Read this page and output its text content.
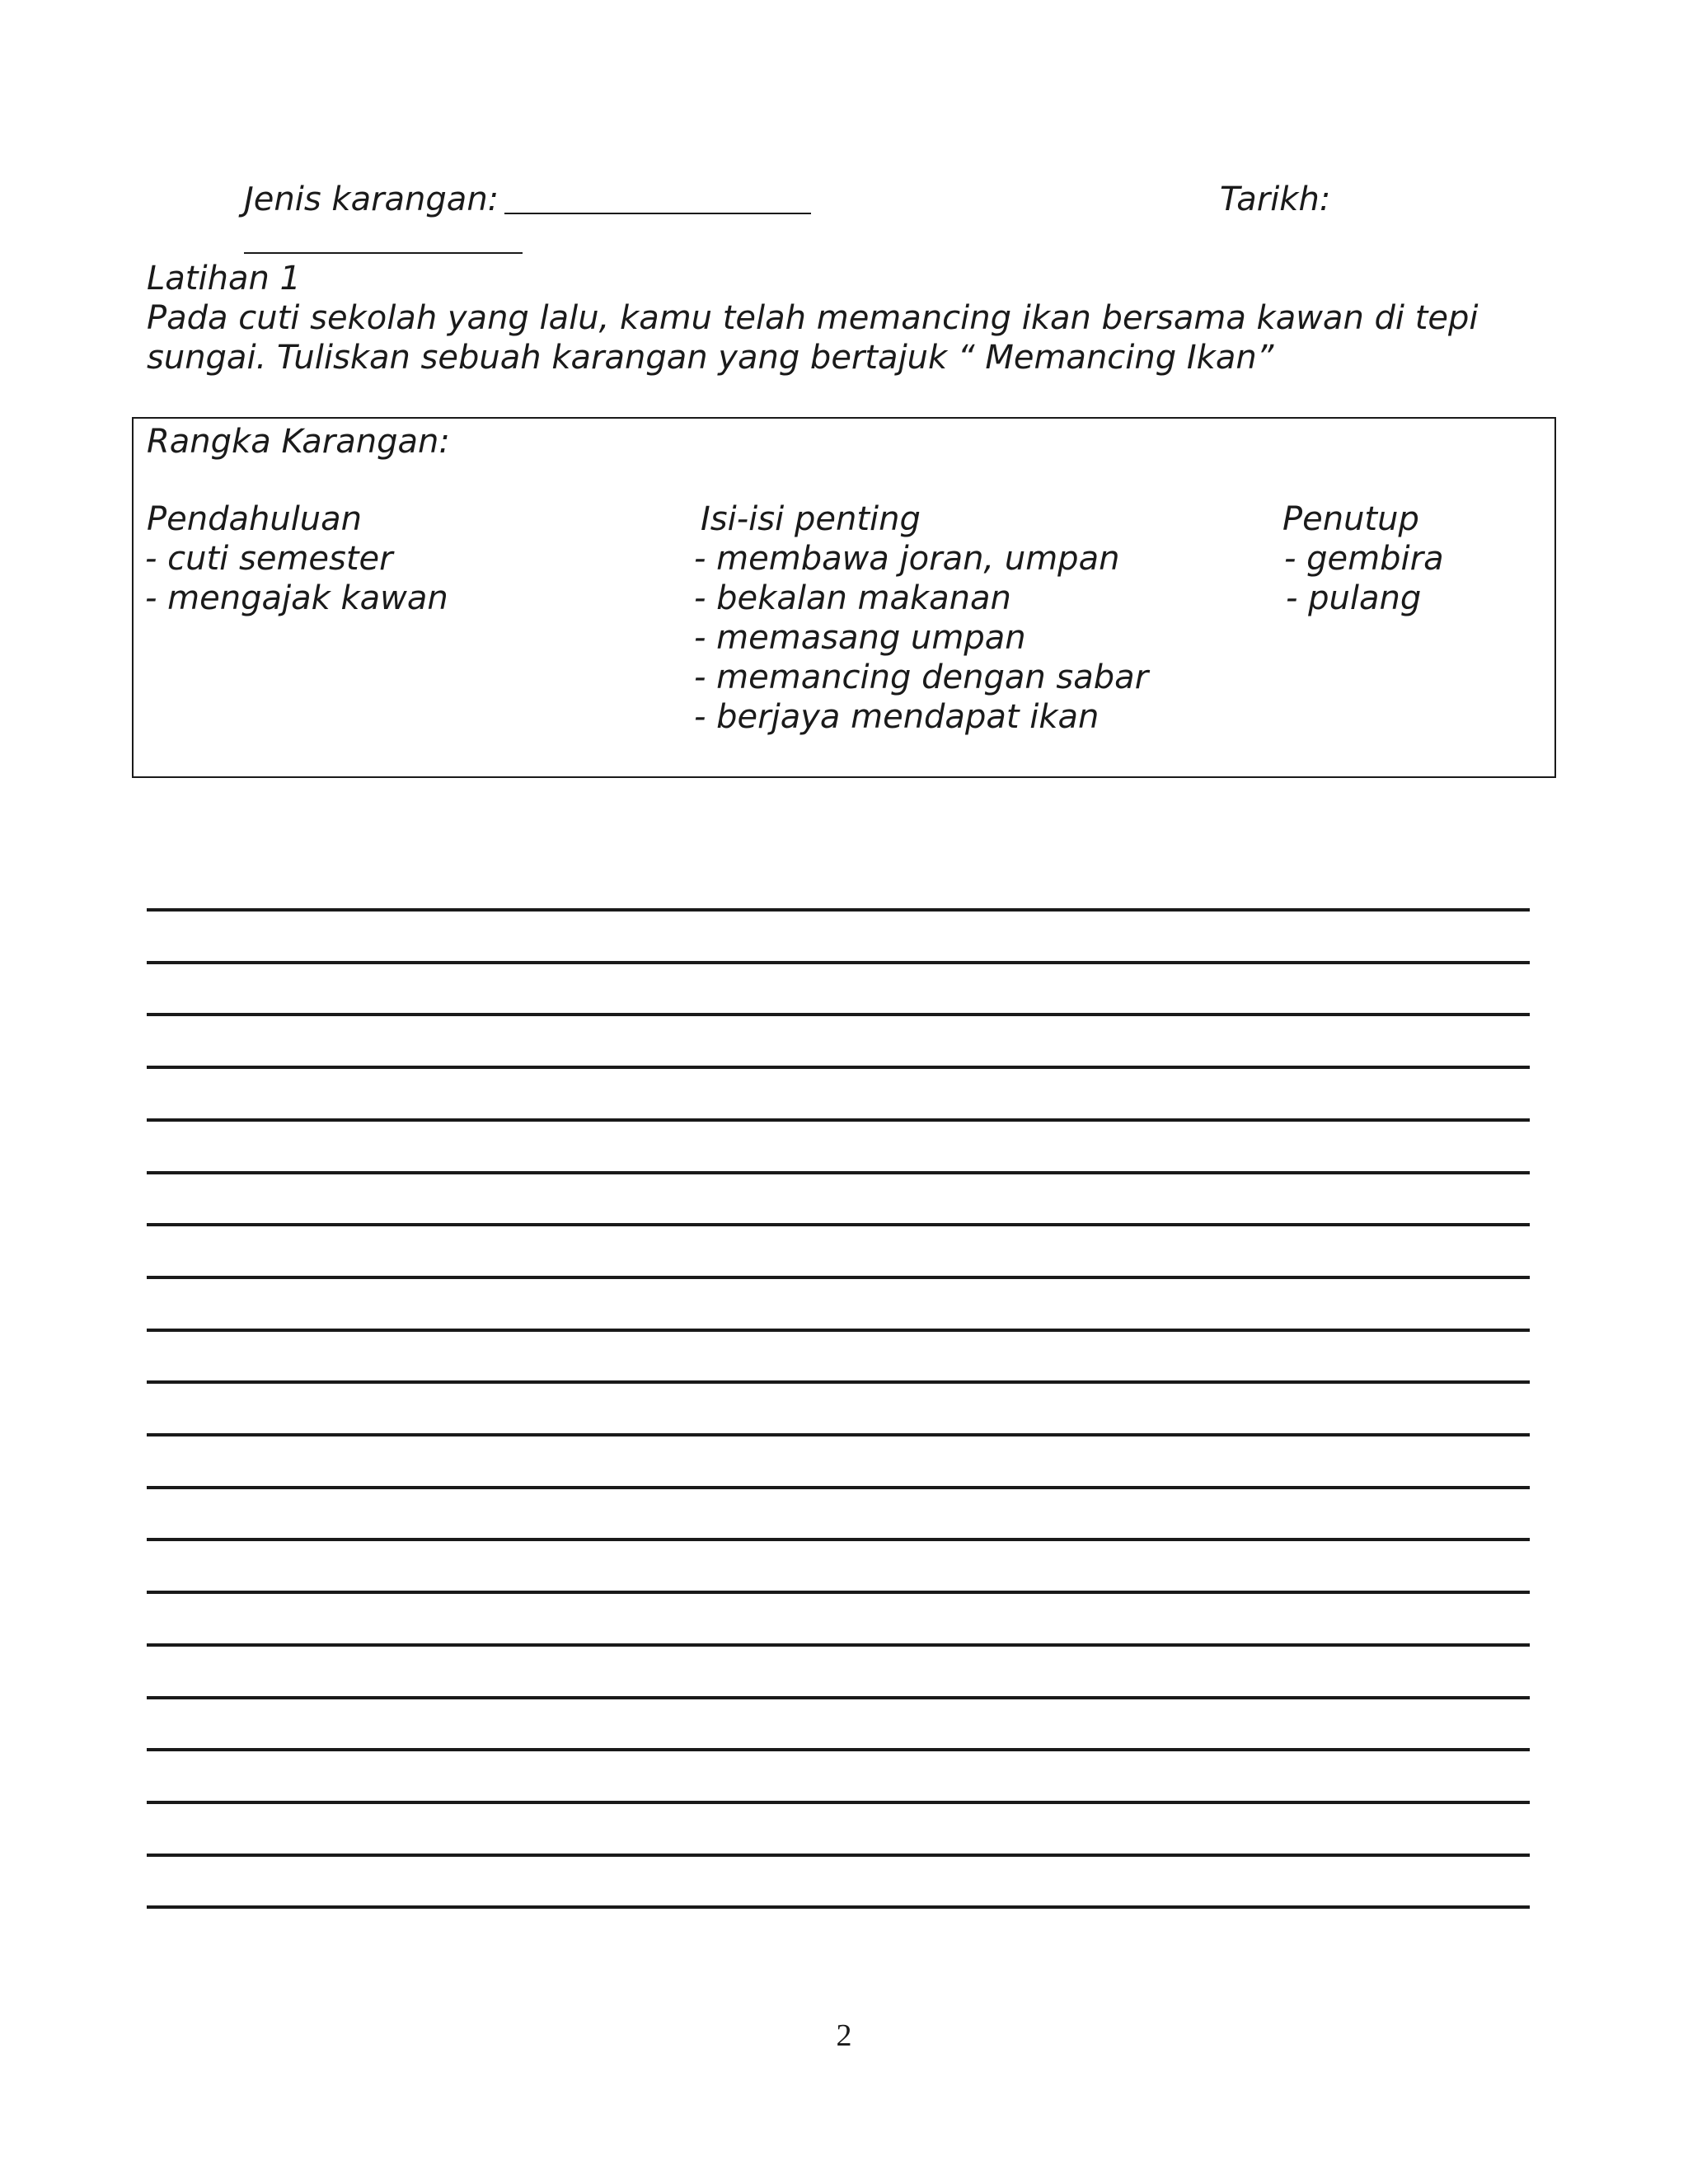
Jenis karangan:	Tarikh:
Latihan 1
Pada cuti sekolah yang lalu, kamu telah memancing ikan bersama kawan di tepi
sungai. Tuliskan sebuah karangan yang bertajuk “ Memancing Ikan”
Rangka Karangan:
Pendahuluan
- cuti semester
- mengajak kawan
Isi-isi penting
- membawa joran, umpan
- bekalan makanan
- memasang umpan
- memancing dengan sabar
- berjaya mendapat ikan
Penutup
- gembira
- pulang
2
